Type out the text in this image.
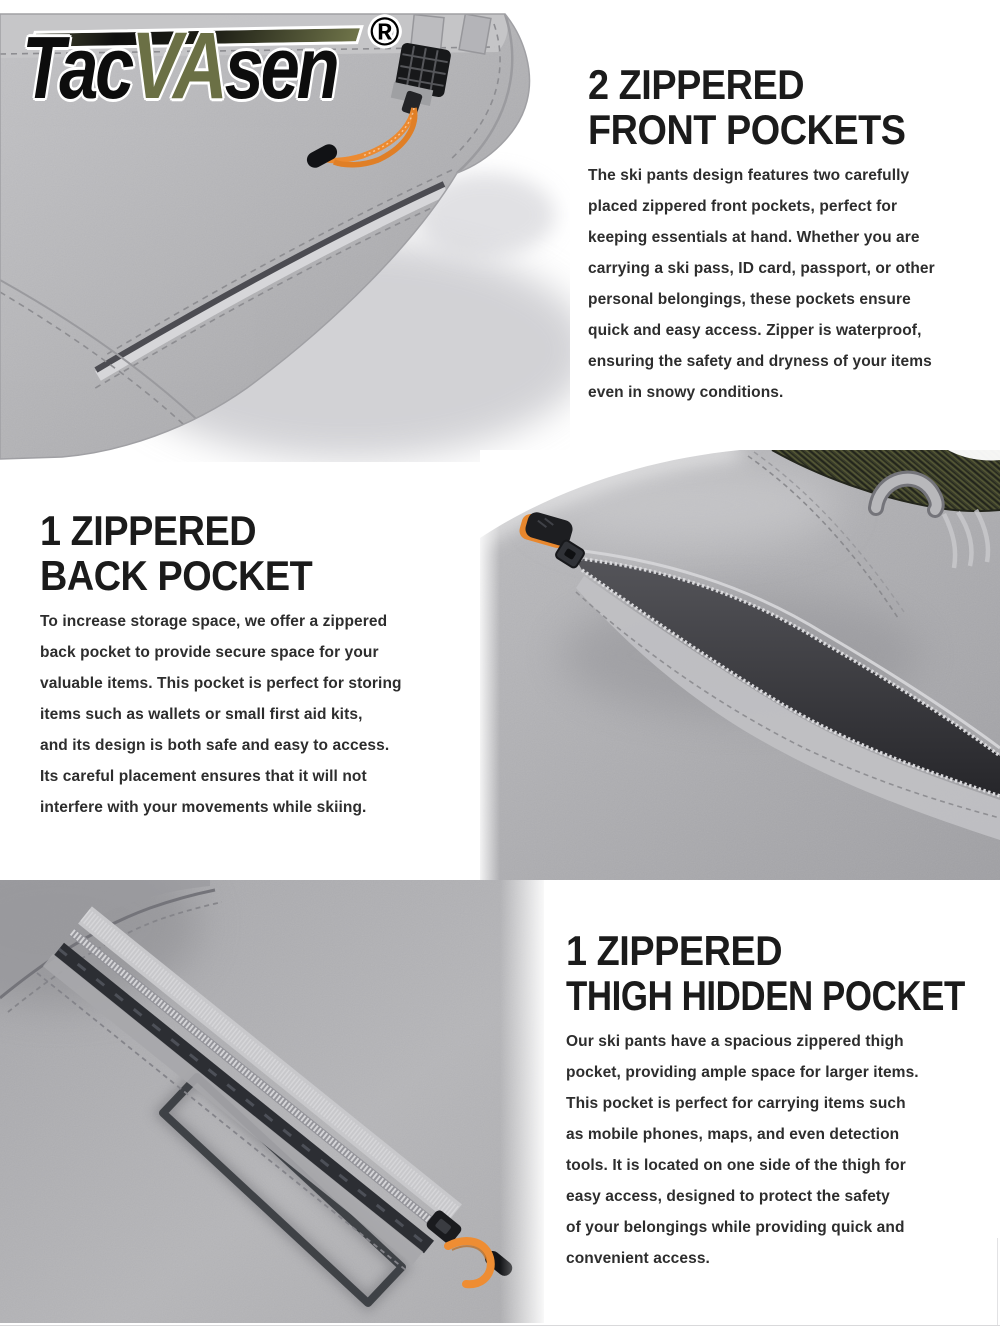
TacVAsen ®
2 ZIPPERED
FRONT POCKETS
The ski pants design features two carefully
placed zippered front pockets, perfect for
keeping essentials at hand. Whether you are
carrying a ski pass, ID card, passport, or other
personal belongings, these pockets ensure
quick and easy access. Zipper is waterproof,
ensuring the safety and dryness of your items
even in snowy conditions.
1 ZIPPERED
BACK POCKET
To increase storage space, we offer a zippered
back pocket to provide secure space for your
valuable items. This pocket is perfect for storing
items such as wallets or small first aid kits,
and its design is both safe and easy to access.
Its careful placement ensures that it will not
interfere with your movements while skiing.
1 ZIPPERED
THIGH HIDDEN POCKET
Our ski pants have a spacious zippered thigh
pocket, providing ample space for larger items.
This pocket is perfect for carrying items such
as mobile phones, maps, and even detection
tools. It is located on one side of the thigh for
easy access, designed to protect the safety
of your belongings while providing quick and
convenient access.
